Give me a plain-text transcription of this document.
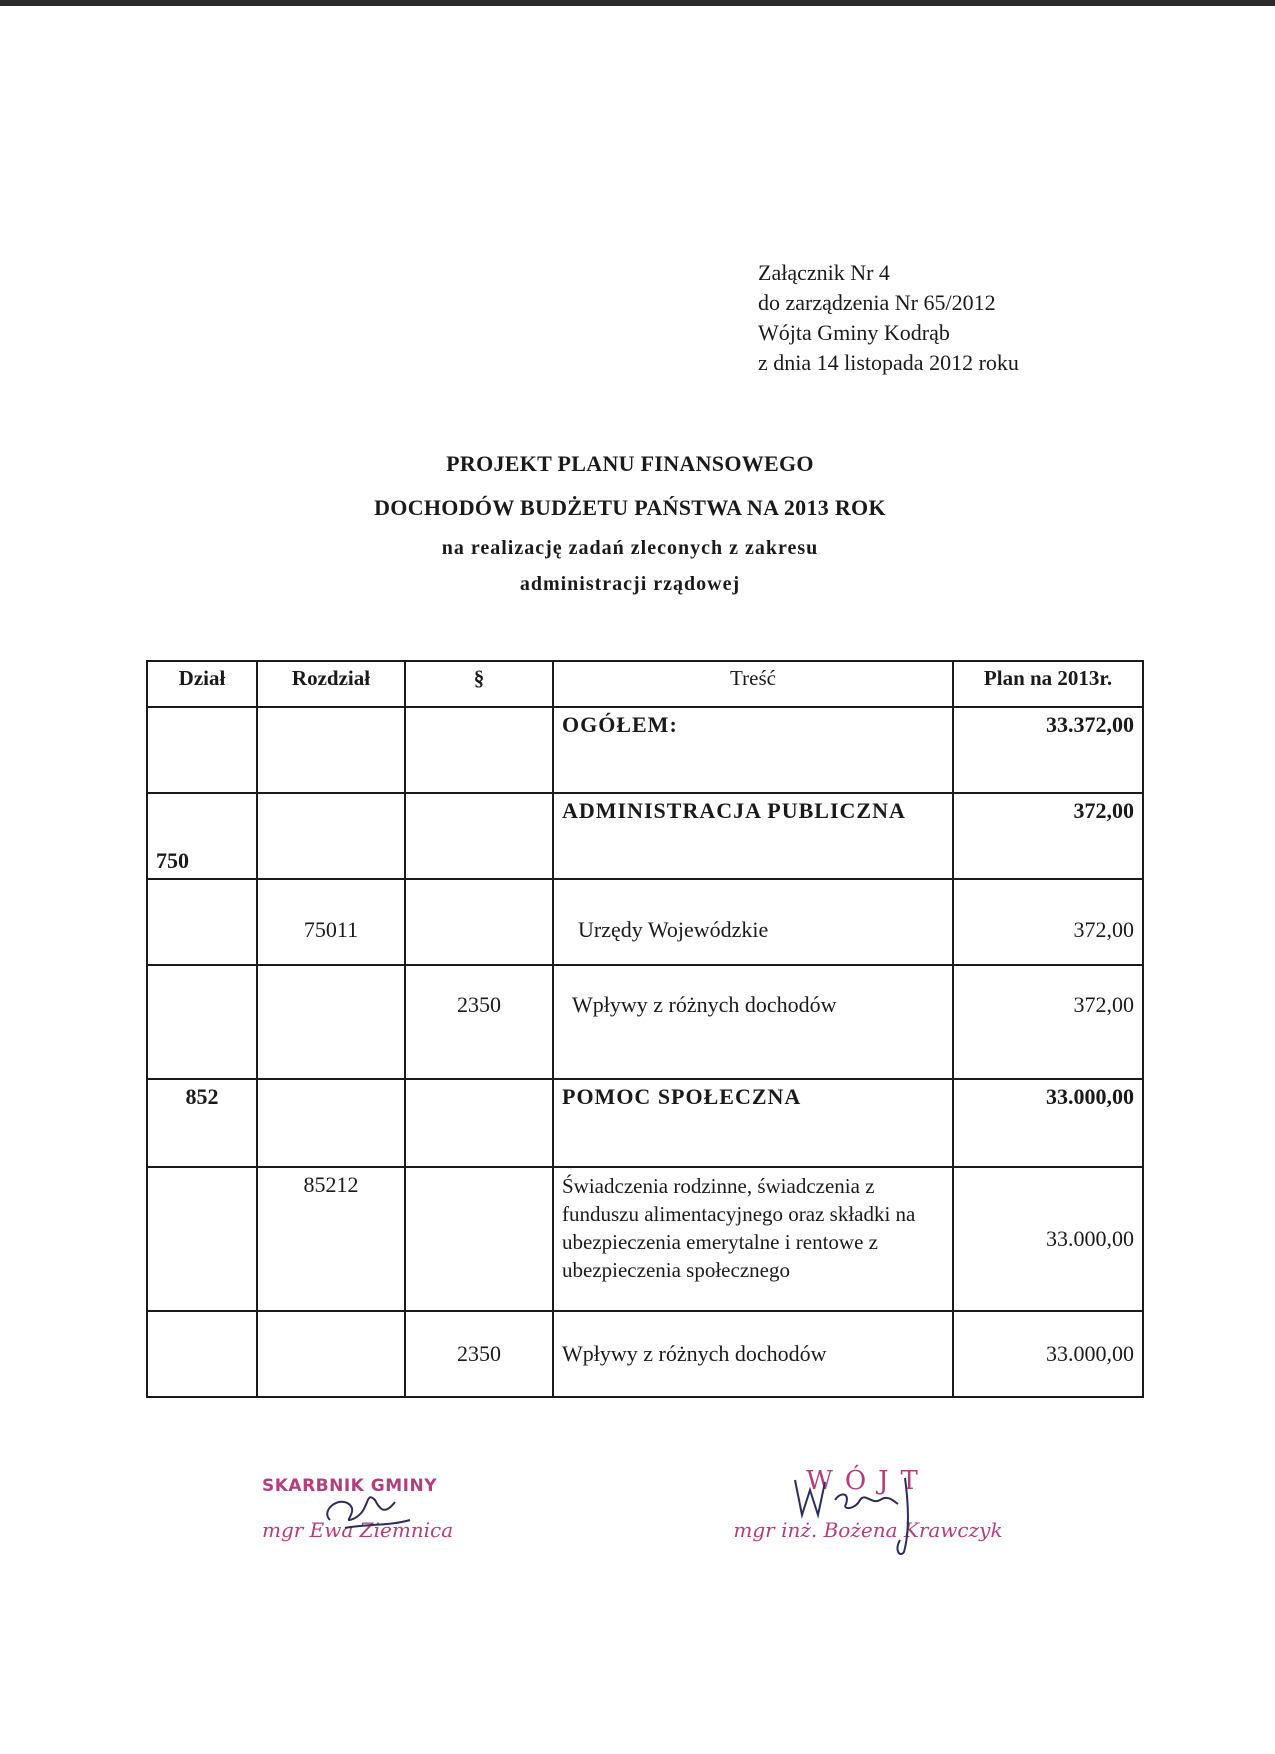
Załącznik Nr 4
do zarządzenia Nr 65/2012
Wójta Gminy Kodrąb
z dnia 14 listopada 2012 roku
PROJEKT PLANU FINANSOWEGO
DOCHODÓW BUDŻETU PAŃSTWA NA 2013 ROK
na realizację zadań zleconych z zakresu
administracji rządowej
Dział	Rozdział	§	Treść	Plan na 2013r.
			OGÓŁEM:	33.372,00
750			ADMINISTRACJA PUBLICZNA	372,00
	75011		Urzędy Wojewódzkie	372,00
		2350	Wpływy z różnych dochodów	372,00
852			POMOC SPOŁECZNA	33.000,00
	85212		Świadczenia rodzinne, świadczenia z funduszu alimentacyjnego oraz składki na ubezpieczenia emerytalne i rentowe z ubezpieczenia społecznego	33.000,00
		2350	Wpływy z różnych dochodów	33.000,00
SKARBNIK GMINY
mgr Ewa Ziemnica
WÓJT
mgr inż. Bożena Krawczyk
